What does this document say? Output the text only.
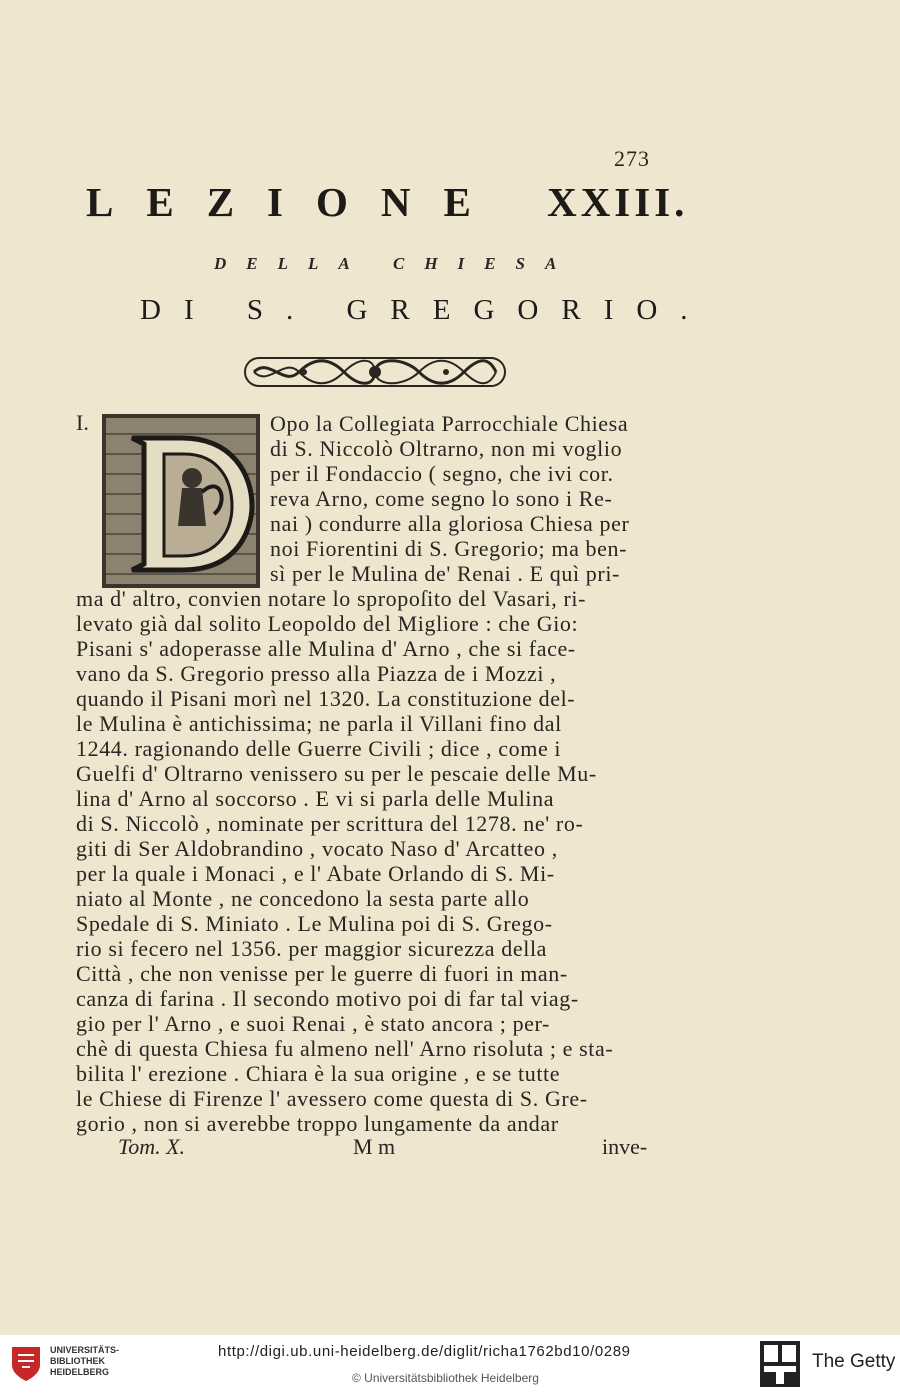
273
LEZIONE XXIII.
DELLA CHIESA
DI S. GREGORIO.
I.	Opo la Collegiata Parrocchiale Chiesa
di S. Niccolò Oltrarno, non mi voglio
per il Fondaccio ( segno, che ivi cor.
reva Arno, come segno lo sono i Re-
nai ) condurre alla gloriosa Chiesa per
noi Fiorentini di S. Gregorio; ma ben-
sì per le Mulina de' Renai . E quì pri-
ma d' altro, convien notare lo spropoſito del Vasari, ri-
levato già dal solito Leopoldo del Migliore : che Gio:
Pisani s' adoperasse alle Mulina d' Arno , che si face-
vano da S. Gregorio presso alla Piazza de i Mozzi ,
quando il Pisani morì nel 1320. La constituzione del-
le Mulina è antichissima; ne parla il Villani fino dal
1244. ragionando delle Guerre Civili ; dice , come i
Guelfi d' Oltrarno venissero su per le pescaie delle Mu-
lina d' Arno al soccorso . E vi si parla delle Mulina
di S. Niccolò , nominate per scrittura del 1278. ne' ro-
giti di Ser Aldobrandino , vocato Naso d' Arcatteo ,
per la quale i Monaci , e l' Abate Orlando di S. Mi-
niato al Monte , ne concedono la sesta parte allo
Spedale di S. Miniato . Le Mulina poi di S. Grego-
rio si fecero nel 1356. per maggior sicurezza della
Città , che non venisse per le guerre di fuori in man-
canza di farina . Il secondo motivo poi di far tal viag-
gio per l' Arno , e suoi Renai , è stato ancora ; per-
chè di questa Chiesa fu almeno nell' Arno risoluta ; e sta-
bilita l' erezione . Chiara è la sua origine , e se tutte
le Chiese di Firenze l' avessero come questa di S. Gre-
gorio , non si averebbe troppo lungamente da andar
Tom. X.	M m	inve-
UNIVERSITÄTS-
BIBLIOTHEK
HEIDELBERG
http://digi.ub.uni-heidelberg.de/diglit/richa1762bd10/0289
© Universitätsbibliothek Heidelberg
The Getty
